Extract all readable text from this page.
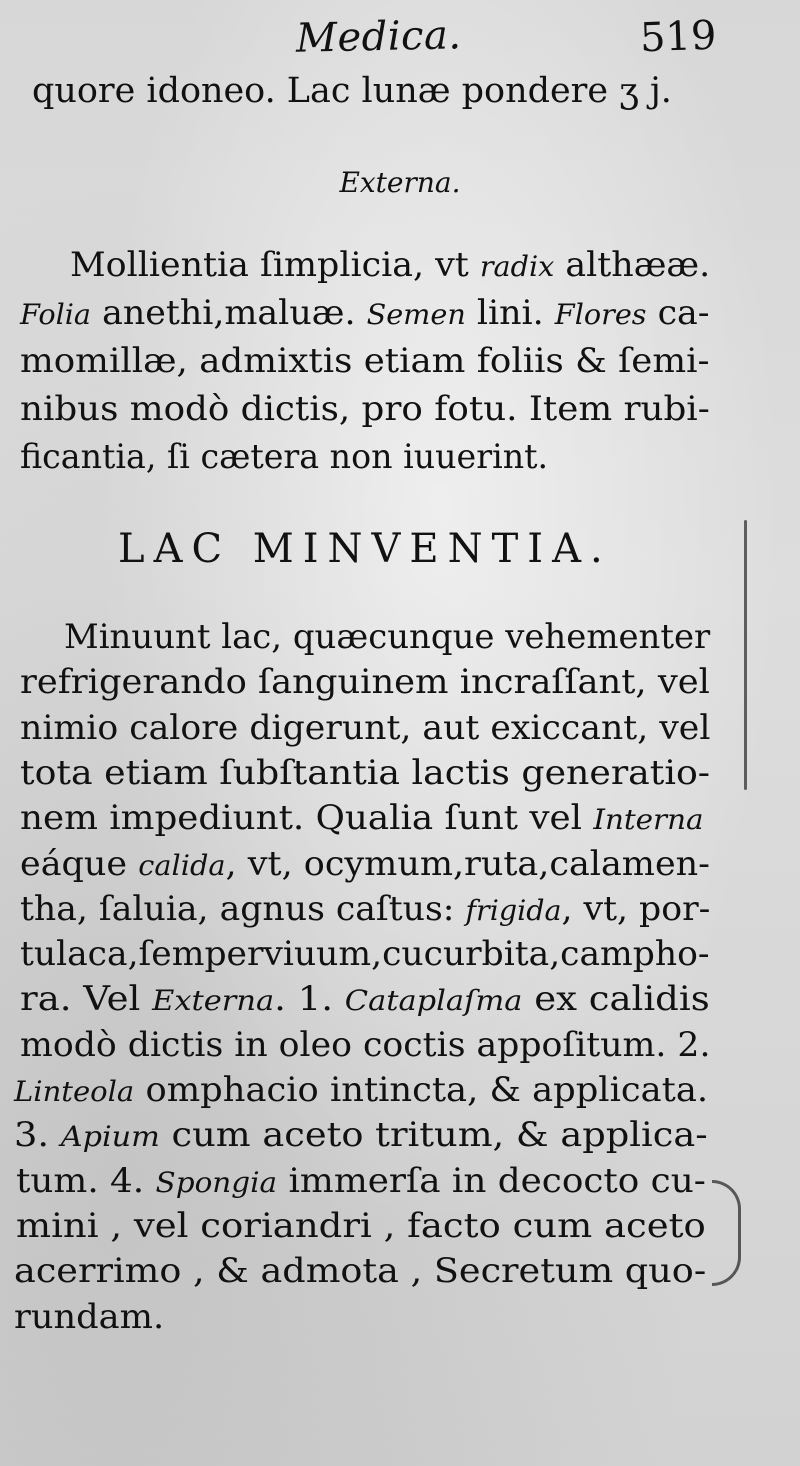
Medica.	519
quore idoneo. Lac lunæ pondere ʒ j.
Externa.
Mollientia ſimplicia, vt radix althææ.
Folia anethi,maluæ. Semen lini. Flores ca-
momillæ, admixtis etiam foliis & ſemi-
nibus modò dictis, pro fotu. Item rubi-
ficantia, ſi cætera non iuuerint.
LAC MINVENTIA.
Minuunt lac, quæcunque vehementer
refrigerando ſanguinem incraſſant, vel
nimio calore digerunt, aut exiccant, vel
tota etiam ſubſtantia lactis generatio-
nem impediunt. Qualia ſunt vel Interna
eáque calida, vt, ocymum,ruta,calamen-
tha, ſaluia, agnus caſtus: frigida, vt, por-
tulaca,ſemperviuum,cucurbita,campho-
ra. Vel Externa. 1. Cataplaſma ex calidis
modò dictis in oleo coctis appoſitum. 2.
Linteola omphacio intincta, & applicata.
3. Apium cum aceto tritum, & applica-
tum. 4. Spongia immerſa in decocto cu-
mini , vel coriandri , facto cum aceto
acerrimo , & admota , Secretum quo-
rundam.
